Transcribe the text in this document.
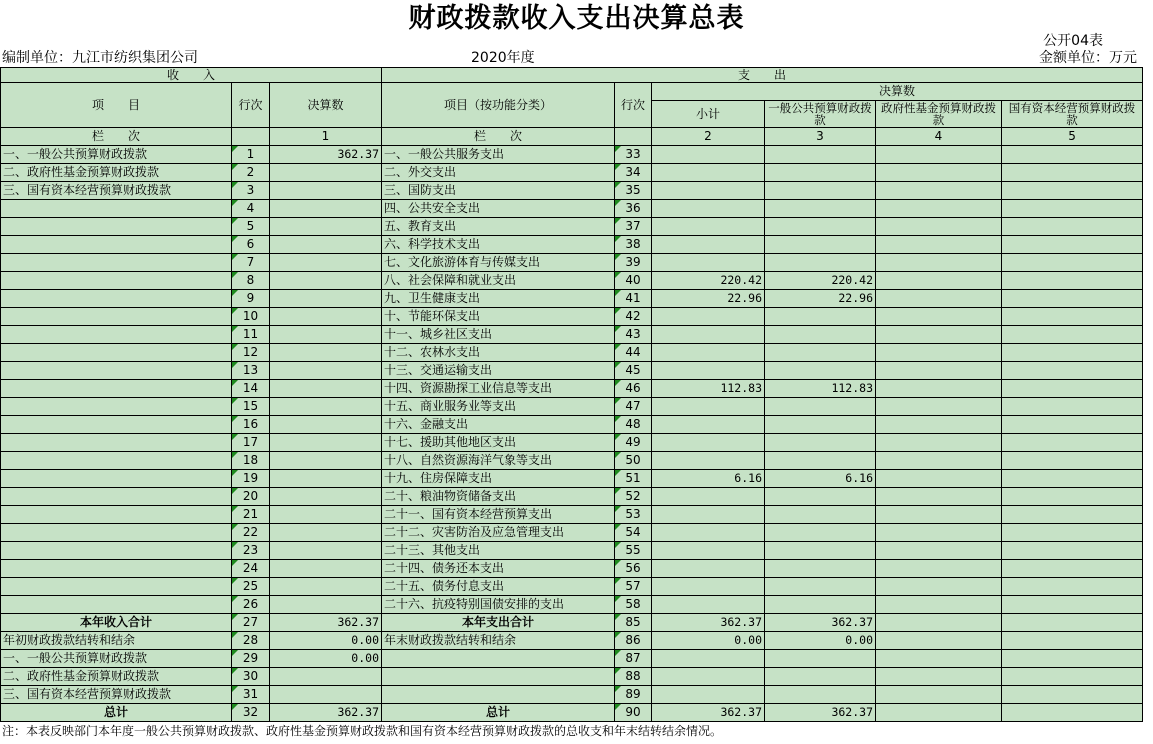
财政拨款收入支出决算总表
公开04表
编制单位：九江市纺织集团公司	2020年度	金额单位：万元
收　　入			支　　出					
项　　目	行次	决算数	项目（按功能分类）	行次	决算数			
					小计	一般公共预算财政拨款	政府性基金预算财政拨款	国有资本经营预算财政拨款
栏　　次		1	栏　　次		2	3	4	5
一、一般公共预算财政拨款	1	362.37	一、一般公共服务支出	33				
二、政府性基金预算财政拨款	2		二、外交支出	34				
三、国有资本经营预算财政拨款	3		三、国防支出	35				
	4		四、公共安全支出	36				
	5		五、教育支出	37				
	6		六、科学技术支出	38				
	7		七、文化旅游体育与传媒支出	39				
	8		八、社会保障和就业支出	40	220.42	220.42		
	9		九、卫生健康支出	41	22.96	22.96		
	10		十、节能环保支出	42				
	11		十一、城乡社区支出	43				
	12		十二、农林水支出	44				
	13		十三、交通运输支出	45				
	14		十四、资源勘探工业信息等支出	46	112.83	112.83		
	15		十五、商业服务业等支出	47				
	16		十六、金融支出	48				
	17		十七、援助其他地区支出	49				
	18		十八、自然资源海洋气象等支出	50				
	19		十九、住房保障支出	51	6.16	6.16		
	20		二十、粮油物资储备支出	52				
	21		二十一、国有资本经营预算支出	53				
	22		二十二、灾害防治及应急管理支出	54				
	23		二十三、其他支出	55				
	24		二十四、债务还本支出	56				
	25		二十五、债务付息支出	57				
	26		二十六、抗疫特别国债安排的支出	58				
本年收入合计	27	362.37	本年支出合计	85	362.37	362.37		
年初财政拨款结转和结余	28	0.00	年末财政拨款结转和结余	86	0.00	0.00		
一、一般公共预算财政拨款	29	0.00		87				
二、政府性基金预算财政拨款	30			88				
三、国有资本经营预算财政拨款	31			89				
总计	32	362.37	总计	90	362.37	362.37		
注：本表反映部门本年度一般公共预算财政拨款、政府性基金预算财政拨款和国有资本经营预算财政拨款的总收支和年末结转结余情况。
